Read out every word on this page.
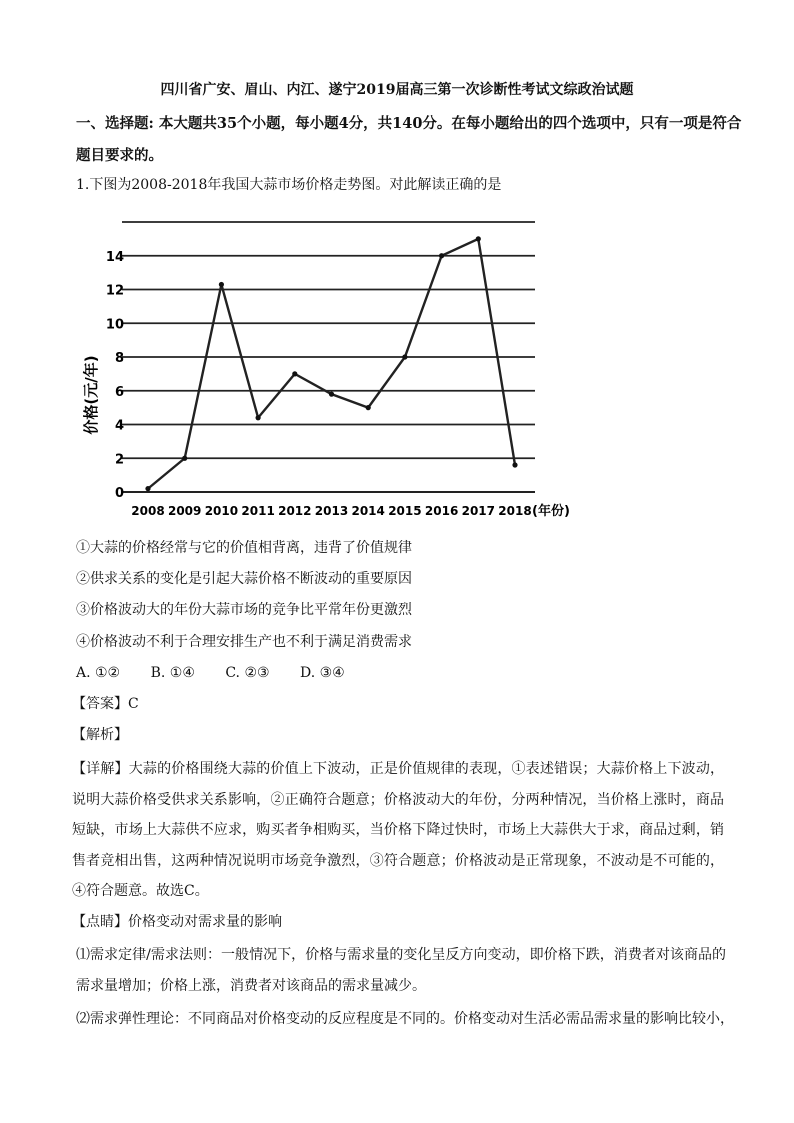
四川省广安、眉山、内江、遂宁2019届高三第一次诊断性考试文综政治试题
一、选择题: 本大题共35个小题，每小题4分，共140分。在每小题给出的四个选项中，只有一项是符合
题目要求的。
1.下图为2008-2018年我国大蒜市场价格走势图。对此解读正确的是
0
2
4
6
8
10
12
14
2008 2009 2010 2011 2012 2013 2014 2015 2016 2017 2018
价格(元/年)
(年份)
①大蒜的价格经常与它的价值相背离，违背了价值规律
②供求关系的变化是引起大蒜价格不断波动的重要原因
③价格波动大的年份大蒜市场的竞争比平常年份更激烈
④价格波动不利于合理安排生产也不利于满足消费需求
A. ①② B. ①④ C. ②③ D. ③④
【答案】C
【解析】
【详解】大蒜的价格围绕大蒜的价值上下波动，正是价值规律的表现，①表述错误；大蒜价格上下波动，说明大蒜价格受供求关系影响，②正确符合题意；价格波动大的年份，分两种情况，当价格上涨时，商品短缺，市场上大蒜供不应求，购买者争相购买，当价格下降过快时，市场上大蒜供大于求，商品过剩，销售者竞相出售，这两种情况说明市场竞争激烈，③符合题意；价格波动是正常现象，不波动是不可能的，④符合题意。故选C。
【点睛】价格变动对需求量的影响
⑴需求定律/需求法则：一般情况下，价格与需求量的变化呈反方向变动，即价格下跌，消费者对该商品的需求量增加；价格上涨，消费者对该商品的需求量减少。
⑵需求弹性理论：不同商品对价格变动的反应程度是不同的。价格变动对生活必需品需求量的影响比较小，
